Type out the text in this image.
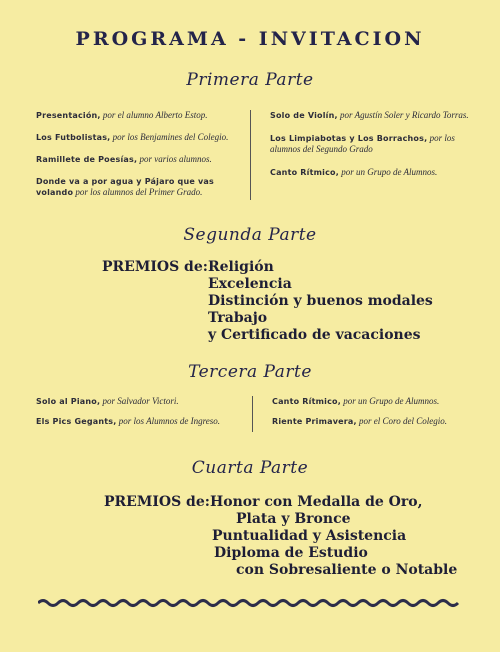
PROGRAMA - INVITACION
Primera Parte
Presentación, por el alumno Alberto Estop.
Los Futbolistas, por los Benjamines del Colegio.
Ramillete de Poesías, por varios alumnos.
Donde va a por agua y Pájaro que vas volando por los alumnos del Primer Grado.
Solo de Violín, por Agustín Soler y Ricardo Torras.
Los Limpiabotas y Los Borrachos, por los alumnos del Segundo Grado
Canto Rítmico, por un Grupo de Alumnos.
Segunda Parte
PREMIOS de: Religión
Excelencia
Distinción y buenos modales
Trabajo
y Certificado de vacaciones
Tercera Parte
Solo al Piano, por Salvador Victori.
Els Pics Gegants, por los Alumnos de Ingreso.
Canto Rítmico, por un Grupo de Alumnos.
Riente Primavera, por el Coro del Colegio.
Cuarta Parte
PREMIOS de: Honor con Medalla de Oro,
Plata y Bronce
Puntualidad y Asistencia
Diploma de Estudio
con Sobresaliente o Notable
